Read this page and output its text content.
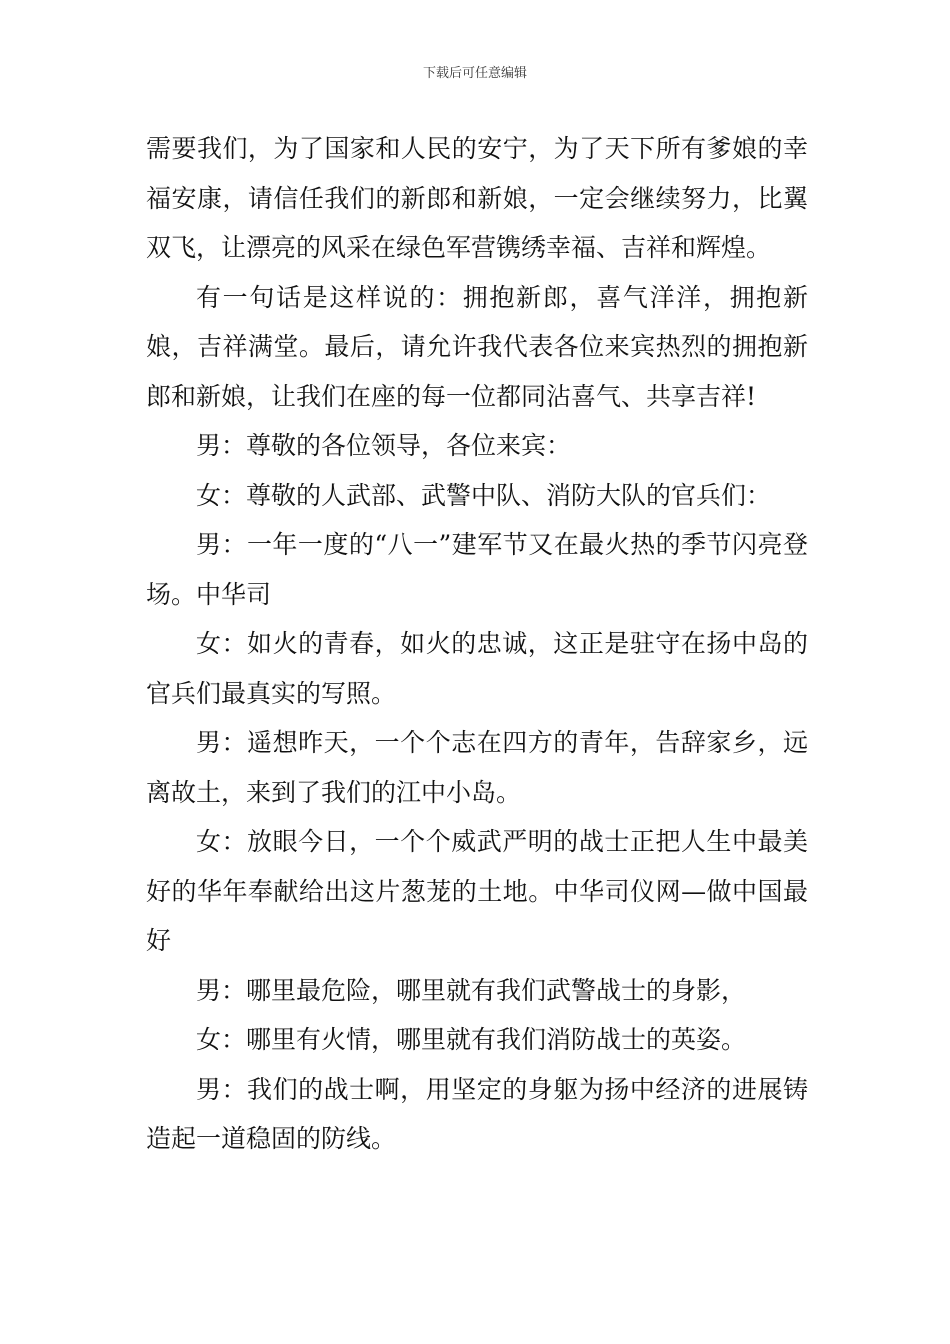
下载后可任意编辑

需要我们，为了国家和人民的安宁，为了天下所有爹娘的幸福安康，请信任我们的新郎和新娘，一定会继续努力，比翼双飞，让漂亮的风采在绿色军营镌绣幸福、吉祥和辉煌。

有一句话是这样说的：拥抱新郎，喜气洋洋，拥抱新娘，吉祥满堂。最后，请允许我代表各位来宾热烈的拥抱新郎和新娘，让我们在座的每一位都同沾喜气、共享吉祥!

男：尊敬的各位领导，各位来宾：

女：尊敬的人武部、武警中队、消防大队的官兵们：

男：一年一度的“八一”建军节又在最火热的季节闪亮登场。中华司

女：如火的青春，如火的忠诚，这正是驻守在扬中岛的官兵们最真实的写照。

男：遥想昨天，一个个志在四方的青年，告辞家乡，远离故土，来到了我们的江中小岛。

女：放眼今日，一个个威武严明的战士正把人生中最美好的华年奉献给出这片葱茏的土地。中华司仪网—做中国最好

男：哪里最危险，哪里就有我们武警战士的身影，

女：哪里有火情，哪里就有我们消防战士的英姿。

男：我们的战士啊，用坚定的身躯为扬中经济的进展铸造起一道稳固的防线。
